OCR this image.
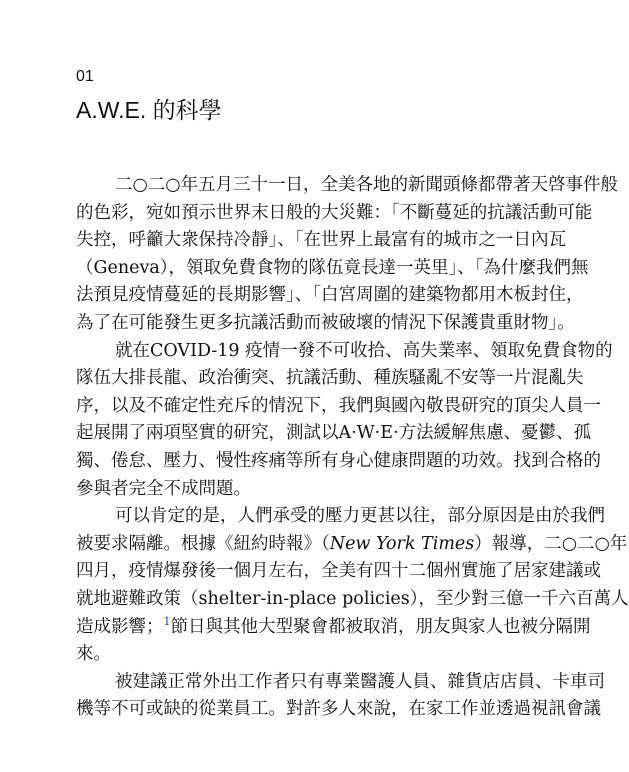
01
A.W.E. 的科學
二○二○年五月三十一日，全美各地的新聞頭條都帶著天啓事件般
的色彩，宛如預示世界末日般的大災難：「不斷蔓延的抗議活動可能
失控，呼籲大衆保持冷靜」、「在世界上最富有的城市之一日內瓦
（Geneva），領取免費食物的隊伍竟長達一英里」、「為什麼我們無
法預見疫情蔓延的長期影響」、「白宮周圍的建築物都用木板封住，
為了在可能發生更多抗議活動而被破壞的情況下保護貴重財物」。
就在COVID-19 疫情一發不可收拾、高失業率、領取免費食物的
隊伍大排長龍、政治衝突、抗議活動、種族騷亂不安等一片混亂失
序，以及不確定性充斥的情況下，我們與國內敬畏研究的頂尖人員一
起展開了兩項堅實的研究，測試以A·W·E·方法緩解焦慮、憂鬱、孤
獨、倦怠、壓力、慢性疼痛等所有身心健康問題的功效。找到合格的
參與者完全不成問題。
可以肯定的是，人們承受的壓力更甚以往，部分原因是由於我們
被要求隔離。根據《紐約時報》（New York Times）報導，二○二○年
四月，疫情爆發後一個月左右，全美有四十二個州實施了居家建議或
就地避難政策（shelter-in-place policies），至少對三億一千六百萬人
造成影響；$^1$節日與其他大型聚會都被取消，朋友與家人也被分隔開
來。
被建議正常外出工作者只有專業醫護人員、雜貨店店員、卡車司
機等不可或缺的從業員工。對許多人來說，在家工作並透過視訊會議
